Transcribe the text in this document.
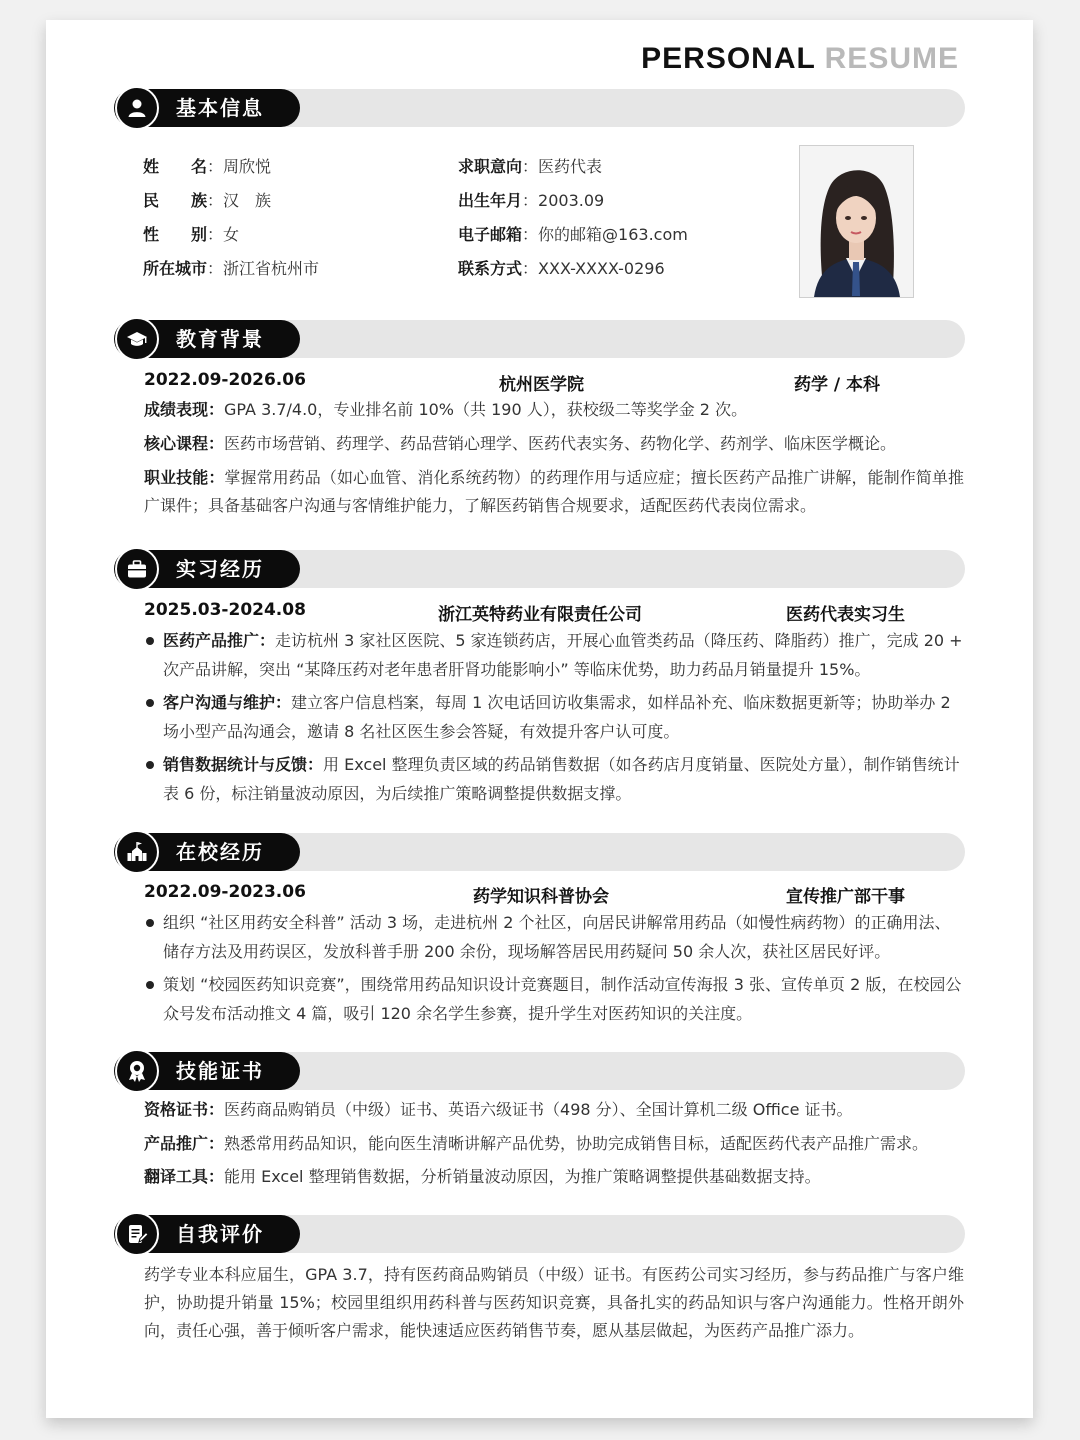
PERSONAL RESUME
基本信息
姓　　名：周欣悦
民　　族：汉　族
性　　别：女
所在城市：浙江省杭州市
求职意向：医药代表
出生年月：2003.09
电子邮箱：你的邮箱@163.com
联系方式：XXX-XXXX-0296
教育背景
2022.09-2026.06	杭州医学院	药学 / 本科
成绩表现：GPA 3.7/4.0，专业排名前 10%（共 190 人），获校级二等奖学金 2 次。
核心课程：医药市场营销、药理学、药品营销心理学、医药代表实务、药物化学、药剂学、临床医学概论。
职业技能：掌握常用药品（如心血管、消化系统药物）的药理作用与适应症；擅长医药产品推广讲解，能制作简单推广课件；具备基础客户沟通与客情维护能力，了解医药销售合规要求，适配医药代表岗位需求。
实习经历
2025.03-2024.08	浙江英特药业有限责任公司	医药代表实习生
医药产品推广：走访杭州 3 家社区医院、5 家连锁药店，开展心血管类药品（降压药、降脂药）推广，完成 20 + 次产品讲解，突出 “某降压药对老年患者肝肾功能影响小” 等临床优势，助力药品月销量提升 15%。
客户沟通与维护：建立客户信息档案，每周 1 次电话回访收集需求，如样品补充、临床数据更新等；协助举办 2 场小型产品沟通会，邀请 8 名社区医生参会答疑，有效提升客户认可度。
销售数据统计与反馈：用 Excel 整理负责区域的药品销售数据（如各药店月度销量、医院处方量），制作销售统计表 6 份，标注销量波动原因，为后续推广策略调整提供数据支撑。
在校经历
2022.09-2023.06	药学知识科普协会	宣传推广部干事
组织 “社区用药安全科普” 活动 3 场，走进杭州 2 个社区，向居民讲解常用药品（如慢性病药物）的正确用法、储存方法及用药误区，发放科普手册 200 余份，现场解答居民用药疑问 50 余人次，获社区居民好评。
策划 “校园医药知识竞赛”，围绕常用药品知识设计竞赛题目，制作活动宣传海报 3 张、宣传单页 2 版，在校园公众号发布活动推文 4 篇，吸引 120 余名学生参赛，提升学生对医药知识的关注度。
技能证书
资格证书：医药商品购销员（中级）证书、英语六级证书（498 分）、全国计算机二级 Office 证书。
产品推广：熟悉常用药品知识，能向医生清晰讲解产品优势，协助完成销售目标，适配医药代表产品推广需求。
翻译工具：能用 Excel 整理销售数据，分析销量波动原因，为推广策略调整提供基础数据支持。
自我评价
药学专业本科应届生，GPA 3.7，持有医药商品购销员（中级）证书。有医药公司实习经历，参与药品推广与客户维护，协助提升销量 15%；校园里组织用药科普与医药知识竞赛，具备扎实的药品知识与客户沟通能力。性格开朗外向，责任心强，善于倾听客户需求，能快速适应医药销售节奏，愿从基层做起，为医药产品推广添力。
